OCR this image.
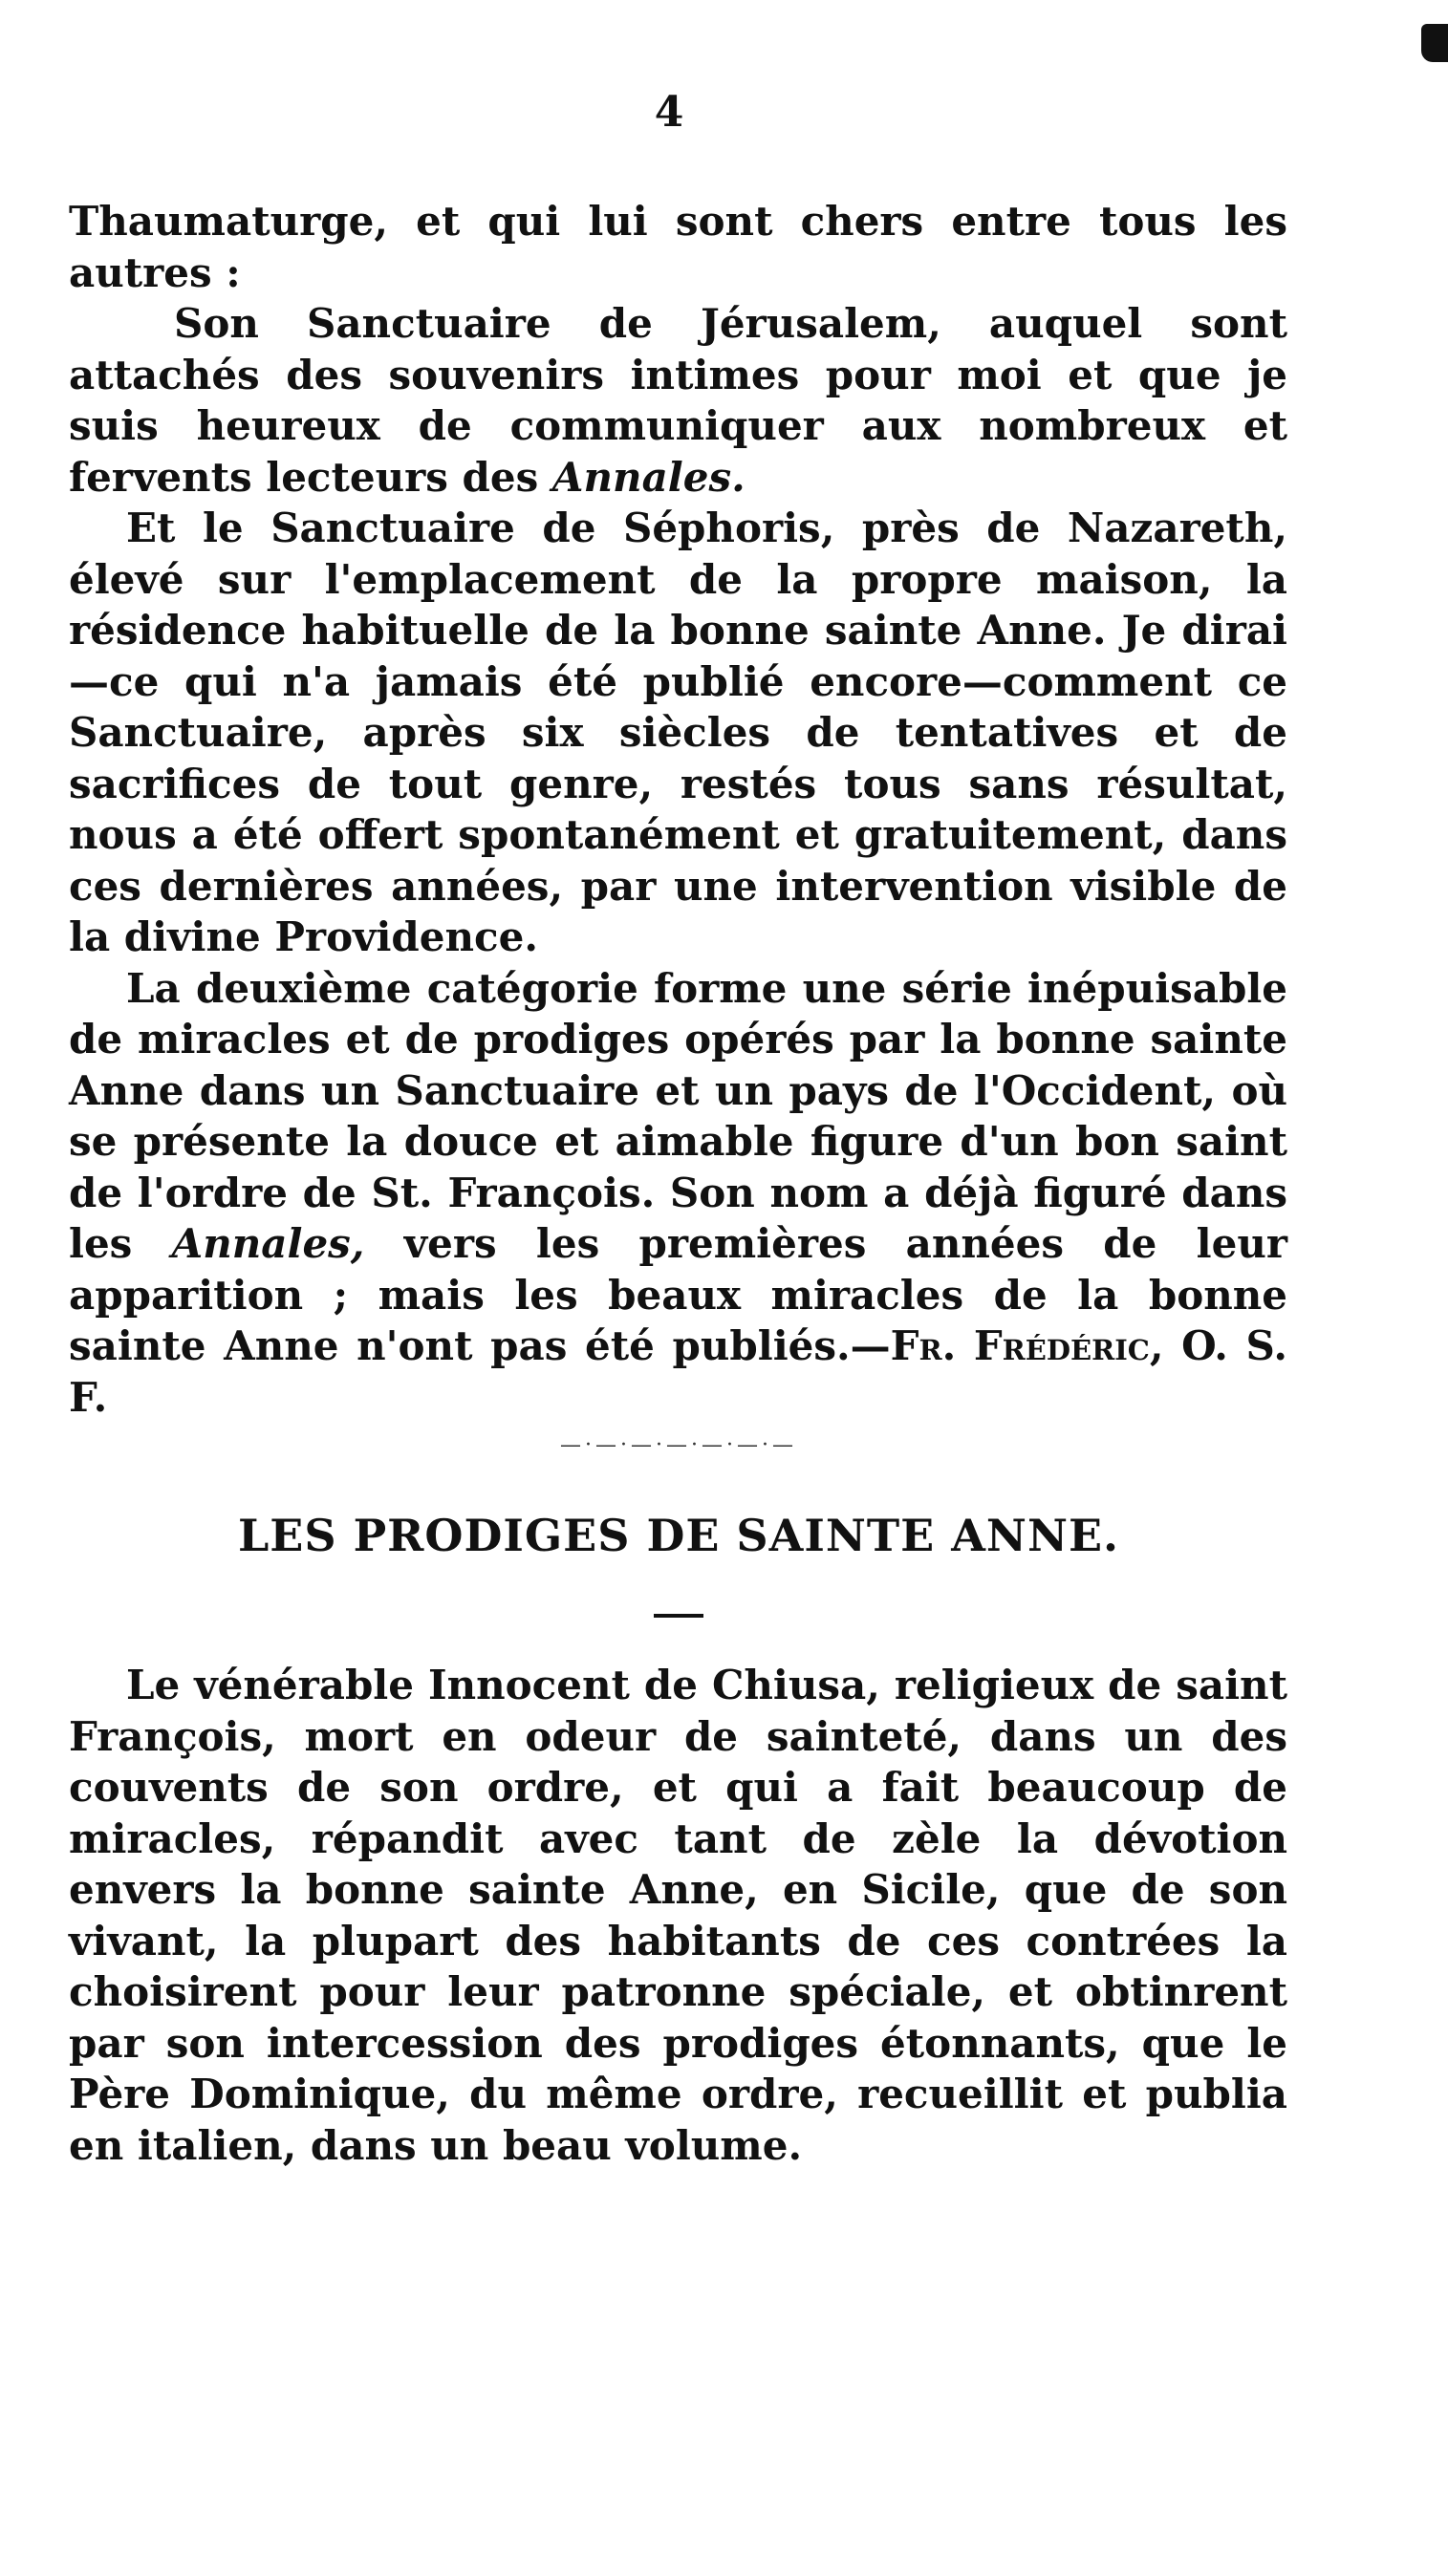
4

Thaumaturge, et qui lui sont chers entre tous les autres :

Son Sanctuaire de Jérusalem, auquel sont attachés des souvenirs intimes pour moi et que je suis heureux de communiquer aux nombreux et fervents lecteurs des Annales.

Et le Sanctuaire de Séphoris, près de Nazareth, élevé sur l'emplacement de la propre maison, la résidence habituelle de la bonne sainte Anne. Je dirai—ce qui n'a jamais été publié encore—comment ce Sanctuaire, après six siècles de tentatives et de sacrifices de tout genre, restés tous sans résultat, nous a été offert spontanément et gratuitement, dans ces dernières années, par une intervention visible de la divine Providence.

La deuxième catégorie forme une série inépuisable de miracles et de prodiges opérés par la bonne sainte Anne dans un Sanctuaire et un pays de l'Occident, où se présente la douce et aimable figure d'un bon saint de l'ordre de St. François. Son nom a déjà figuré dans les Annales, vers les premières années de leur apparition ; mais les beaux miracles de la bonne sainte Anne n'ont pas été publiés.—Fr. Frédéric, O. S. F.

—·—·—·—·—·—·—
LES PRODIGES DE SAINTE ANNE.

Le vénérable Innocent de Chiusa, religieux de saint François, mort en odeur de sainteté, dans un des couvents de son ordre, et qui a fait beaucoup de miracles, répandit avec tant de zèle la dévotion envers la bonne sainte Anne, en Sicile, que de son vivant, la plupart des habitants de ces contrées la choisirent pour leur patronne spéciale, et obtinrent par son intercession des prodiges étonnants, que le Père Dominique, du même ordre, recueillit et publia en italien, dans un beau volume.
